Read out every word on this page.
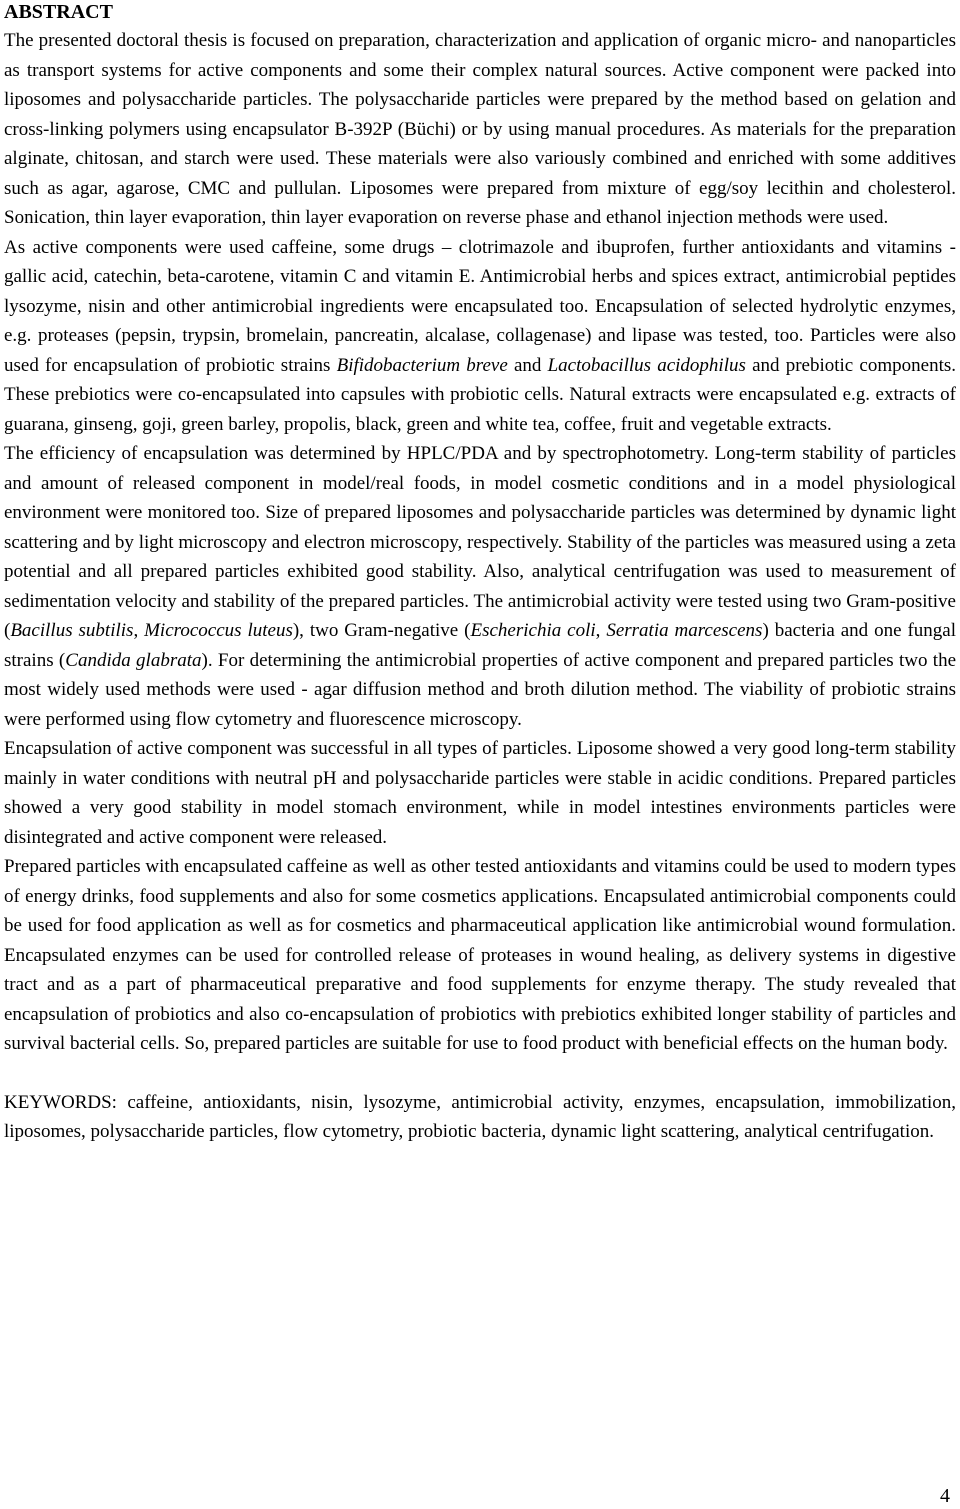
ABSTRACT

The presented doctoral thesis is focused on preparation, characterization and application of organic micro- and nanoparticles as transport systems for active components and some their complex natural sources. Active component were packed into liposomes and polysaccharide particles. The polysaccharide particles were prepared by the method based on gelation and cross-linking polymers using encapsulator B-392P (Büchi) or by using manual procedures. As materials for the preparation alginate, chitosan, and starch were used. These materials were also variously combined and enriched with some additives such as agar, agarose, CMC and pullulan. Liposomes were prepared from mixture of egg/soy lecithin and cholesterol. Sonication, thin layer evaporation, thin layer evaporation on reverse phase and ethanol injection methods were used.

As active components were used caffeine, some drugs – clotrimazole and ibuprofen, further antioxidants and vitamins - gallic acid, catechin, beta-carotene, vitamin C and vitamin E. Antimicrobial herbs and spices extract, antimicrobial peptides lysozyme, nisin and other antimicrobial ingredients were encapsulated too. Encapsulation of selected hydrolytic enzymes, e.g. proteases (pepsin, trypsin, bromelain, pancreatin, alcalase, collagenase) and lipase was tested, too. Particles were also used for encapsulation of probiotic strains Bifidobacterium breve and Lactobacillus acidophilus and prebiotic components. These prebiotics were co-encapsulated into capsules with probiotic cells. Natural extracts were encapsulated e.g. extracts of guarana, ginseng, goji, green barley, propolis, black, green and white tea, coffee, fruit and vegetable extracts.

The efficiency of encapsulation was determined by HPLC/PDA and by spectrophotometry. Long-term stability of particles and amount of released component in model/real foods, in model cosmetic conditions and in a model physiological environment were monitored too. Size of prepared liposomes and polysaccharide particles was determined by dynamic light scattering and by light microscopy and electron microscopy, respectively. Stability of the particles was measured using a zeta potential and all prepared particles exhibited good stability. Also, analytical centrifugation was used to measurement of sedimentation velocity and stability of the prepared particles. The antimicrobial activity were tested using two Gram-positive (Bacillus subtilis, Micrococcus luteus), two Gram-negative (Escherichia coli, Serratia marcescens) bacteria and one fungal strains (Candida glabrata). For determining the antimicrobial properties of active component and prepared particles two the most widely used methods were used - agar diffusion method and broth dilution method. The viability of probiotic strains were performed using flow cytometry and fluorescence microscopy.

Encapsulation of active component was successful in all types of particles. Liposome showed a very good long-term stability mainly in water conditions with neutral pH and polysaccharide particles were stable in acidic conditions. Prepared particles showed a very good stability in model stomach environment, while in model intestines environments particles were disintegrated and active component were released.

Prepared particles with encapsulated caffeine as well as other tested antioxidants and vitamins could be used to modern types of energy drinks, food supplements and also for some cosmetics applications. Encapsulated antimicrobial components could be used for food application as well as for cosmetics and pharmaceutical application like antimicrobial wound formulation. Encapsulated enzymes can be used for controlled release of proteases in wound healing, as delivery systems in digestive tract and as a part of pharmaceutical preparative and food supplements for enzyme therapy. The study revealed that encapsulation of probiotics and also co-encapsulation of probiotics with prebiotics exhibited longer stability of particles and survival bacterial cells. So, prepared particles are suitable for use to food product with beneficial effects on the human body.

KEYWORDS: caffeine, antioxidants, nisin, lysozyme, antimicrobial activity, enzymes, encapsulation, immobilization, liposomes, polysaccharide particles, flow cytometry, probiotic bacteria, dynamic light scattering, analytical centrifugation.

4
